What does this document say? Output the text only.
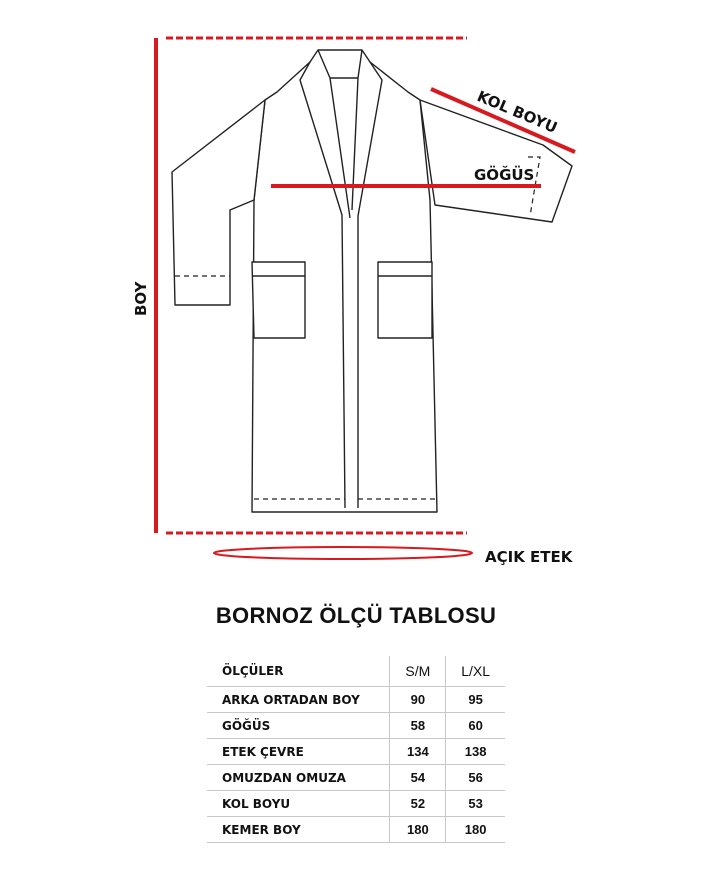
KOL BOYU
GÖĞÜS
BOY
AÇIK ETEK
BORNOZ ÖLÇÜ TABLOSU
ÖLÇÜLER	S/M	L/XL
ARKA ORTADAN BOY	90	95
GÖĞÜS	58	60
ETEK ÇEVRE	134	138
OMUZDAN OMUZA	54	56
KOL BOYU	52	53
KEMER BOY	180	180
